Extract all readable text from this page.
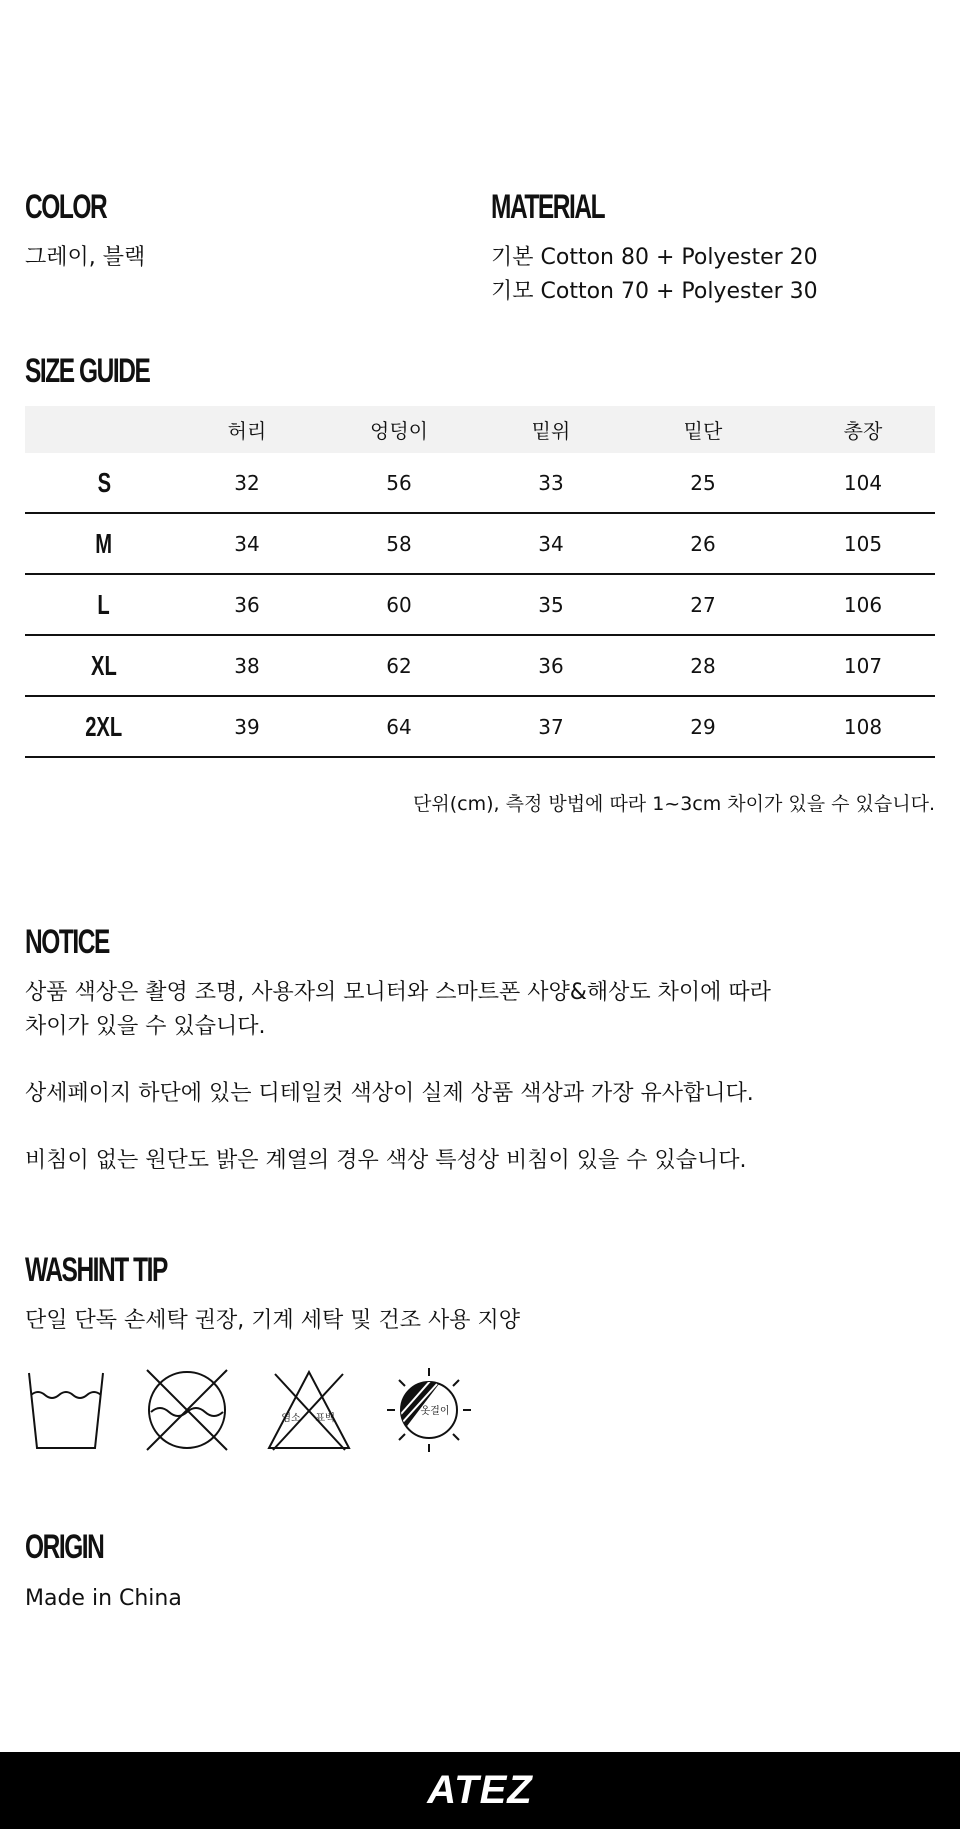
COLOR

그레이, 블랙

MATERIAL

기본 Cotton 80 + Polyester 20

기모 Cotton 70 + Polyester 30

SIZE GUIDE
	허리	엉덩이	밑위	밑단	총장
S	32	56	33	25	104
M	34	58	34	26	105
L	36	60	35	27	106
XL	38	62	36	28	107
2XL	39	64	37	29	108

단위(cm), 측정 방법에 따라 1~3cm 차이가 있을 수 있습니다.

NOTICE

상품 색상은 촬영 조명, 사용자의 모니터와 스마트폰 사양&해상도 차이에 따라

차이가 있을 수 있습니다.

상세페이지 하단에 있는 디테일컷 색상이 실제 상품 색상과 가장 유사합니다.

비침이 없는 원단도 밝은 계열의 경우 색상 특성상 비침이 있을 수 있습니다.

WASHINT TIP

단일 단독 손세탁 권장, 기계 세탁 및 건조 사용 지양

염소 표백
옷걸이
ORIGIN

Made in China

ATEZ
